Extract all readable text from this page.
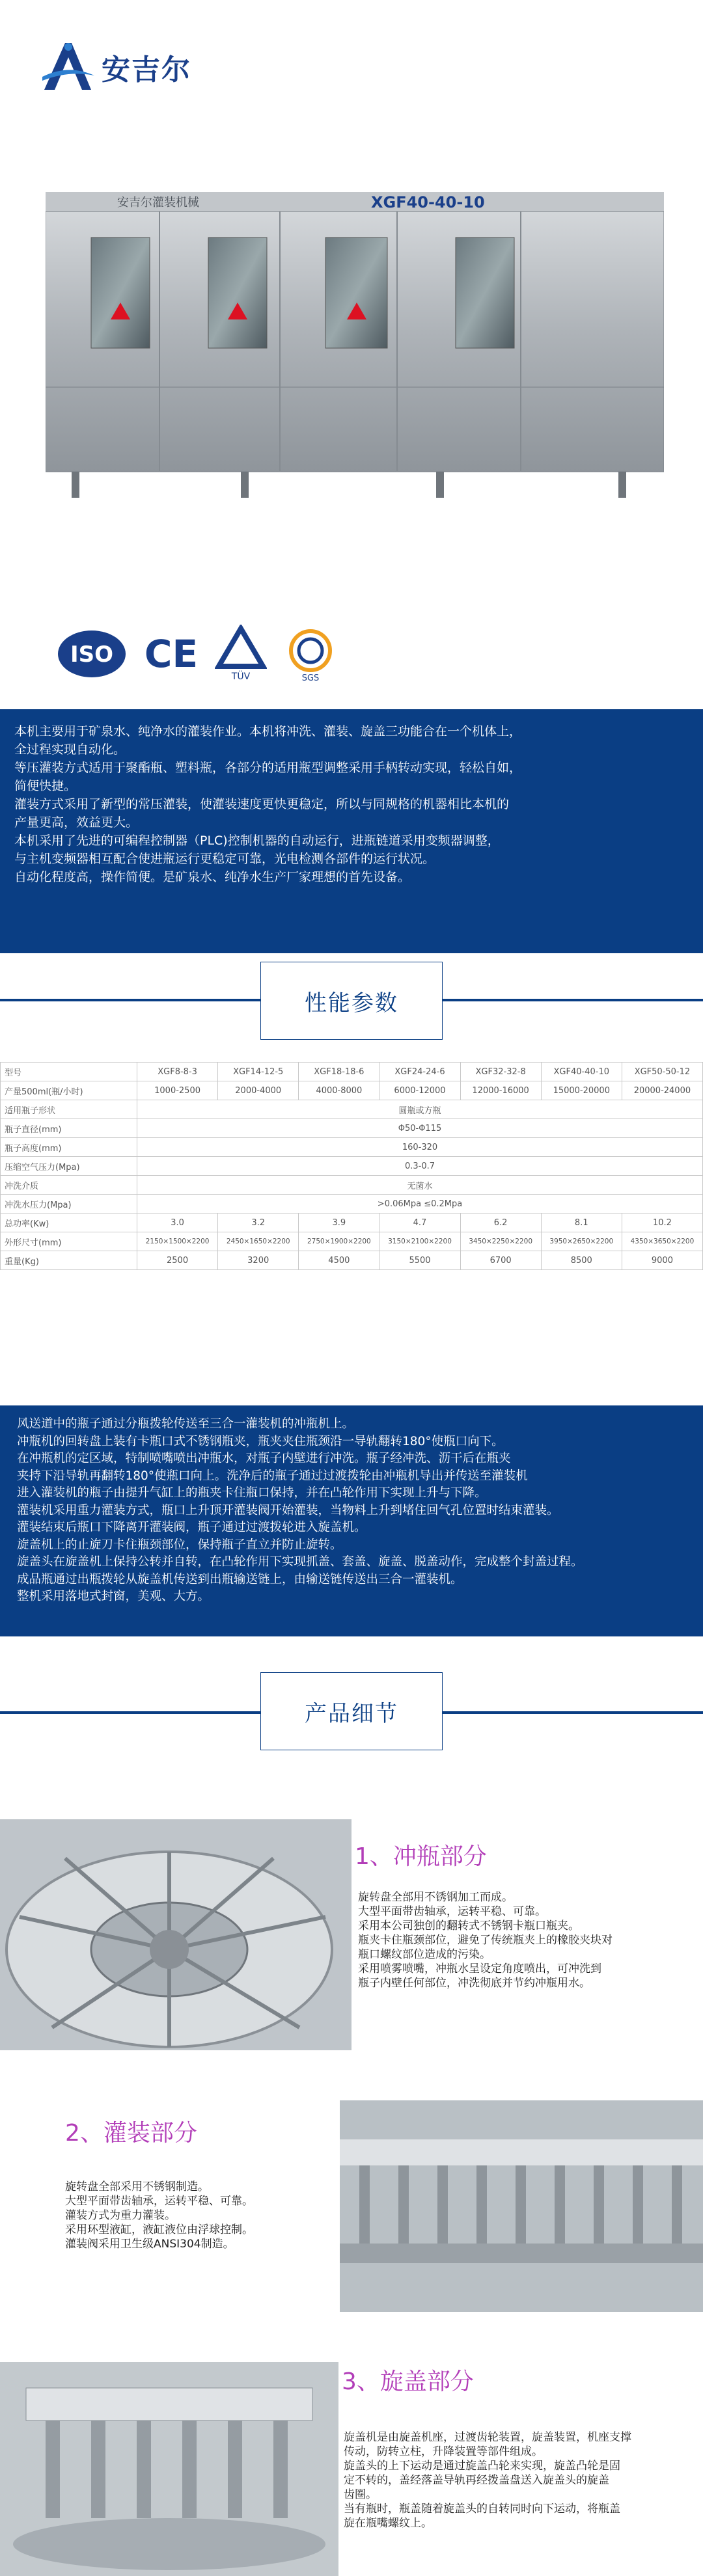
安吉尔
安吉尔灌装机械	XGF40-40-10
ISO CE
TÜV	SGS
本机主要用于矿泉水、纯净水的灌装作业。本机将冲洗、灌装、旋盖三功能合在一个机体上，
全过程实现自动化。
等压灌装方式适用于聚酯瓶、塑料瓶，各部分的适用瓶型调整采用手柄转动实现，轻松自如，
简便快捷。
灌装方式采用了新型的常压灌装，使灌装速度更快更稳定，所以与同规格的机器相比本机的
产量更高，效益更大。
本机采用了先进的可编程控制器（PLC)控制机器的自动运行，进瓶链道采用变频器调整，
与主机变频器相互配合使进瓶运行更稳定可靠，光电检测各部件的运行状况。
自动化程度高，操作简便。是矿泉水、纯净水生产厂家理想的首先设备。
性能参数
型号	XGF8-8-3	XGF14-12-5	XGF18-18-6	XGF24-24-6	XGF32-32-8	XGF40-40-10	XGF50-50-12
产量500ml(瓶/小时)	1000-2500	2000-4000	4000-8000	6000-12000	12000-16000	15000-20000	20000-24000
适用瓶子形状	圆瓶或方瓶						
瓶子直径(mm)	Φ50-Φ115						
瓶子高度(mm)	160-320						
压缩空气压力(Mpa)	0.3-0.7						
冲洗介质	无菌水						
冲洗水压力(Mpa)	>0.06Mpa ≤0.2Mpa						
总功率(Kw)	3.0	3.2	3.9	4.7	6.2	8.1	10.2
外形尺寸(mm)	2150×1500×2200	2450×1650×2200	2750×1900×2200	3150×2100×2200	3450×2250×2200	3950×2650×2200	4350×3650×2200
重量(Kg)	2500	3200	4500	5500	6700	8500	9000
风送道中的瓶子通过分瓶拨轮传送至三合一灌装机的冲瓶机上。
冲瓶机的回转盘上装有卡瓶口式不锈钢瓶夹，瓶夹夹住瓶颈沿一导轨翻转180°使瓶口向下。
在冲瓶机的定区域，特制喷嘴喷出冲瓶水，对瓶子内壁进行冲洗。瓶子经冲洗、沥干后在瓶夹
夹持下沿导轨再翻转180°使瓶口向上。洗净后的瓶子通过过渡拨轮由冲瓶机导出并传送至灌装机
进入灌装机的瓶子由提升气缸上的瓶夹卡住瓶口保持，并在凸轮作用下实现上升与下降。
灌装机采用重力灌装方式，瓶口上升顶开灌装阀开始灌装，当物料上升到堵住回气孔位置时结束灌装。
灌装结束后瓶口下降离开灌装阀，瓶子通过过渡拨轮进入旋盖机。
旋盖机上的止旋刀卡住瓶颈部位，保持瓶子直立并防止旋转。
旋盖头在旋盖机上保持公转并自转，在凸轮作用下实现抓盖、套盖、旋盖、脱盖动作，完成整个封盖过程。
成品瓶通过出瓶拨轮从旋盖机传送到出瓶输送链上，由输送链传送出三合一灌装机。
整机采用落地式封窗，美观、大方。
产品细节
1、冲瓶部分
旋转盘全部用不锈钢加工而成。
大型平面带齿轴承，运转平稳、可靠。
采用本公司独创的翻转式不锈钢卡瓶口瓶夹。
瓶夹卡住瓶颈部位，避免了传统瓶夹上的橡胶夹块对
瓶口螺纹部位造成的污染。
采用喷雾喷嘴，冲瓶水呈设定角度喷出，可冲洗到
瓶子内壁任何部位，冲洗彻底并节约冲瓶用水。
2、灌装部分
旋转盘全部采用不锈钢制造。
大型平面带齿轴承，运转平稳、可靠。
灌装方式为重力灌装。
采用环型液缸，液缸液位由浮球控制。
灌装阀采用卫生级ANSI304制造。
3、旋盖部分
旋盖机是由旋盖机座，过渡齿轮装置，旋盖装置，机座支撑
传动，防转立柱，升降装置等部件组成。
旋盖头的上下运动是通过旋盖凸轮来实现，旋盖凸轮是固
定不转的，盖经落盖导轨再经拨盖盘送入旋盖头的旋盖
齿圈。
当有瓶时，瓶盖随着旋盖头的自转同时向下运动，将瓶盖
旋在瓶嘴螺纹上。
